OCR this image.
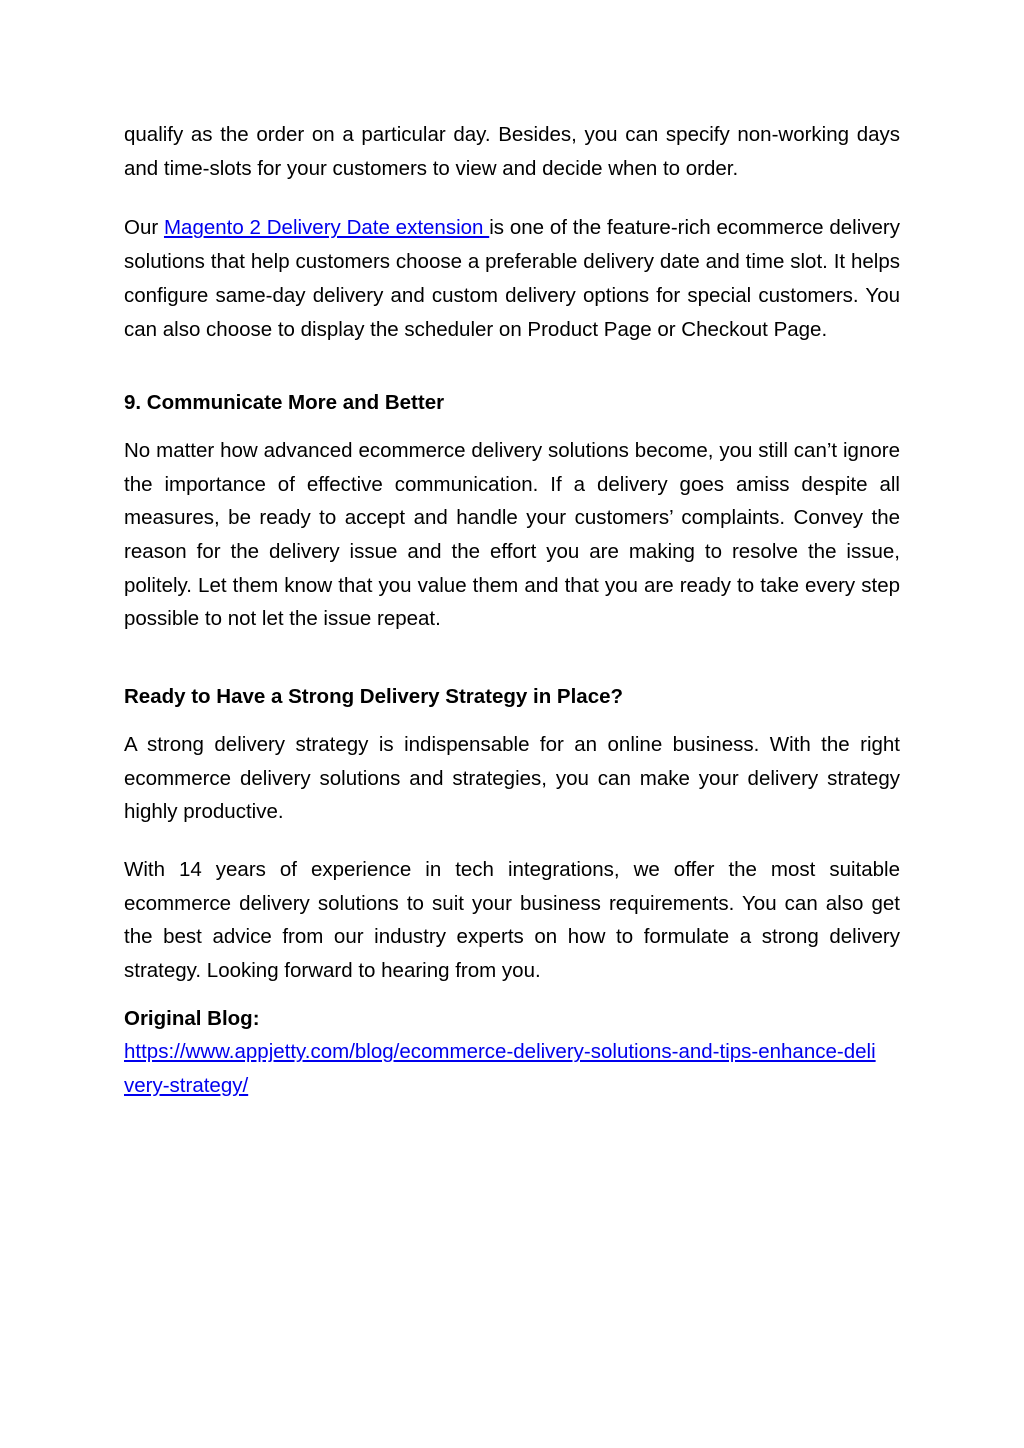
qualify as the order on a particular day. Besides, you can specify non-working days and time-slots for your customers to view and decide when to order.

Our Magento 2 Delivery Date extension is one of the feature-rich ecommerce delivery solutions that help customers choose a preferable delivery date and time slot. It helps configure same-day delivery and custom delivery options for special customers. You can also choose to display the scheduler on Product Page or Checkout Page.

9. Communicate More and Better

No matter how advanced ecommerce delivery solutions become, you still can’t ignore the importance of effective communication. If a delivery goes amiss despite all measures, be ready to accept and handle your customers’ complaints. Convey the reason for the delivery issue and the effort you are making to resolve the issue, politely. Let them know that you value them and that you are ready to take every step possible to not let the issue repeat.

Ready to Have a Strong Delivery Strategy in Place?

A strong delivery strategy is indispensable for an online business. With the right ecommerce delivery solutions and strategies, you can make your delivery strategy highly productive.

With 14 years of experience in tech integrations, we offer the most suitable ecommerce delivery solutions to suit your business requirements. You can also get the best advice from our industry experts on how to formulate a strong delivery strategy. Looking forward to hearing from you.

Original Blog:
https://www.appjetty.com/blog/ecommerce-delivery-solutions-and-tips-enhance-delivery-strategy/
